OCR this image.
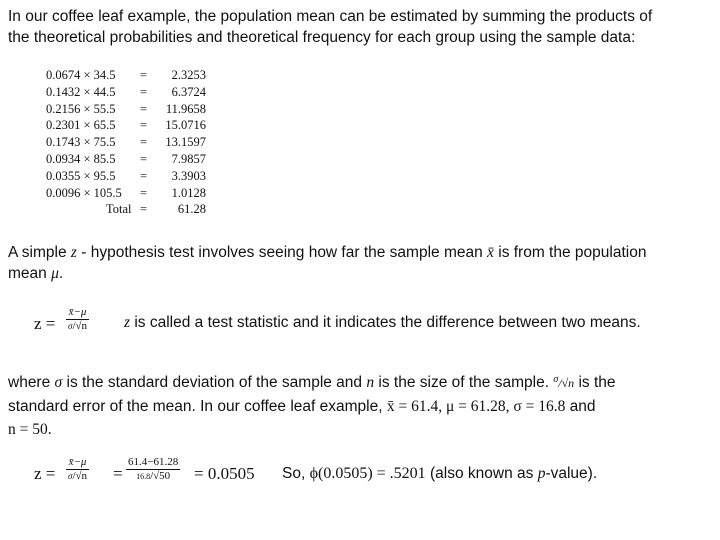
In our coffee leaf example, the population mean can be estimated by summing the products of
the theoretical probabilities and theoretical frequency for each group using the sample data:
0.0674 × 34.5 =	2.3253
0.1432 × 44.5 =	6.3724
0.2156 × 55.5 =	11.9658
0.2301 × 65.5 =	15.0716
0.1743 × 75.5 =	13.1597
0.0934 × 85.5 =	7.9857
0.0355 × 95.5 =	3.3903
0.0096 × 105.5 =	1.0128
Total =	61.28
A simple z - hypothesis test involves seeing how far the sample mean x̄ is from the population
mean μ.
$z = \frac{x̄-\mu}{\sigma/√n}$ z is called a test statistic and it indicates the difference between two means.
where σ is the standard deviation of the sample and n is the size of the sample. $^\sigma$/√n is the
standard error of the mean. In our coffee leaf example, x̄ = 61.4, μ = 61.28, σ = 16.8 and
n = 50.
$z = \frac{x̄-\mu}{\sigma/√n} = \frac{61.4-61.28}{16.8/√50} = 0.0505$ So, ϕ(0.0505) = .5201 (also known as p-value).
